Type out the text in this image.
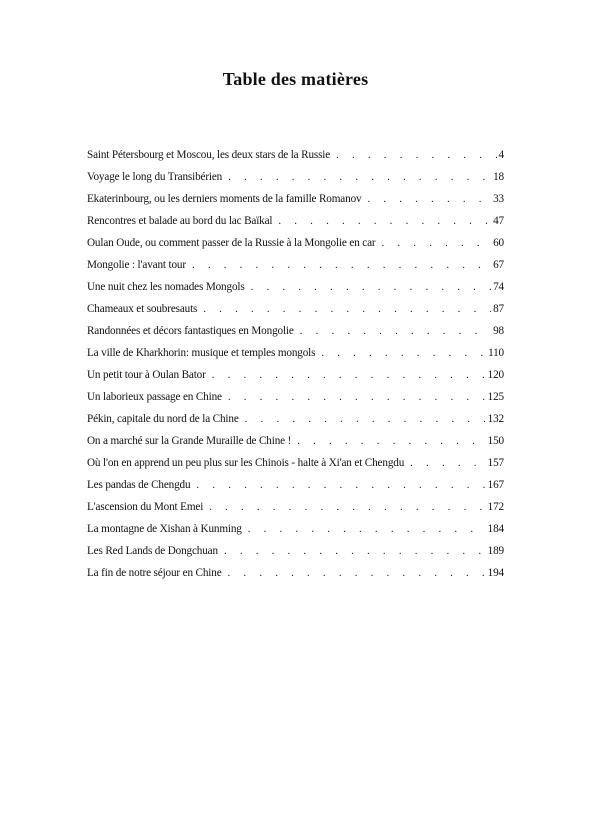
Table des matières
Saint Pétersbourg et Moscou, les deux stars de la Russie . . .	4
Voyage le long du Transibérien . . .	18
Ekaterinbourg, ou les derniers moments de la famille Romanov . . .	33
Rencontres et balade au bord du lac Baïkal . . .	47
Oulan Oude, ou comment passer de la Russie à la Mongolie en car . . .	60
Mongolie : l'avant tour . . .	67
Une nuit chez les nomades Mongols . . .	74
Chameaux et soubresauts . . .	87
Randonnées et décors fantastiques en Mongolie . . .	98
La ville de Kharkhorin: musique et temples mongols . . .	110
Un petit tour à Oulan Bator . . .	120
Un laborieux passage en Chine . . .	125
Pékin, capitale du nord de la Chine . . .	132
On a marché sur la Grande Muraille de Chine ! . . .	150
Où l'on en apprend un peu plus sur les Chinois - halte à Xi'an et Chengdu . . .	157
Les pandas de Chengdu . . .	167
L'ascension du Mont Emei . . .	172
La montagne de Xishan à Kunming . . .	184
Les Red Lands de Dongchuan . . .	189
La fin de notre séjour en Chine . . .	194
